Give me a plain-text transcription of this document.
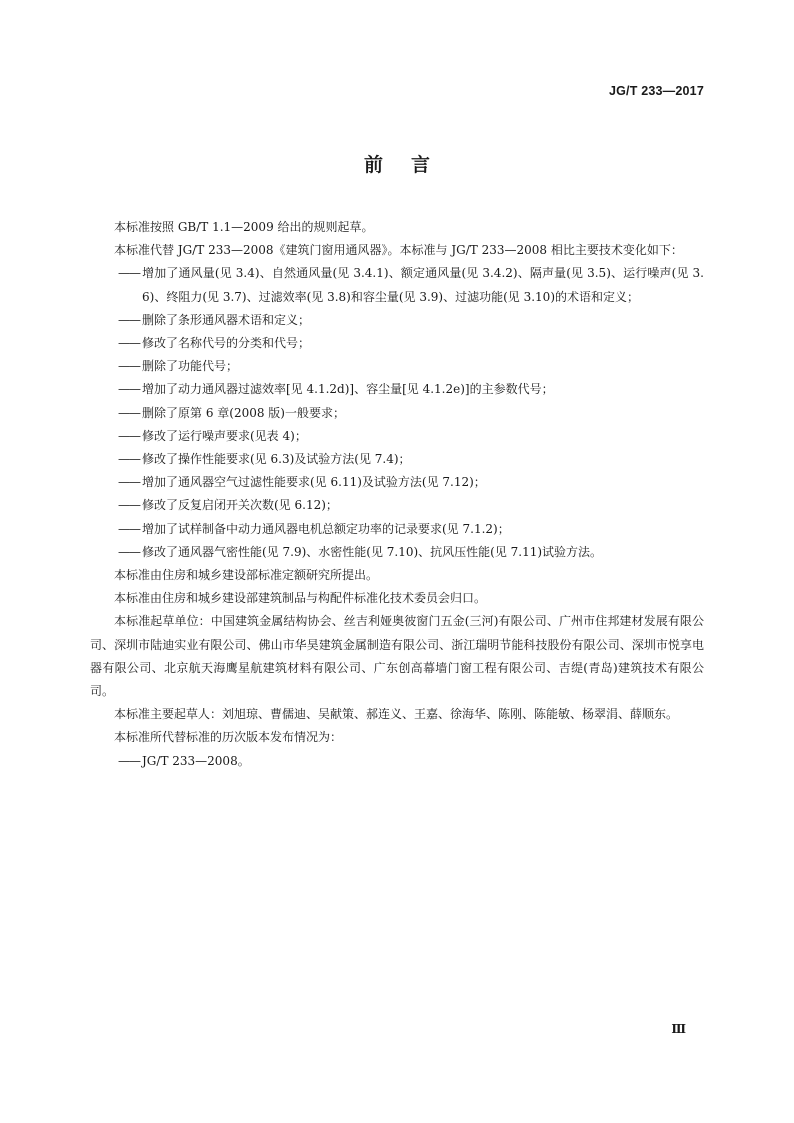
JG/T 233—2017
前言

本标准按照 GB/T 1.1—2009 给出的规则起草。

本标准代替 JG/T 233—2008《建筑门窗用通风器》。本标准与 JG/T 233—2008 相比主要技术变化如下：

—— 增加了通风量(见 3.4)、自然通风量(见 3.4.1)、额定通风量(见 3.4.2)、隔声量(见 3.5)、运行噪声(见 3.6)、终阻力(见 3.7)、过滤效率(见 3.8)和容尘量(见 3.9)、过滤功能(见 3.10)的术语和定义；

—— 删除了条形通风器术语和定义；

—— 修改了名称代号的分类和代号；

—— 删除了功能代号；

—— 增加了动力通风器过滤效率[见 4.1.2d)]、容尘量[见 4.1.2e)]的主参数代号；

—— 删除了原第 6 章(2008 版)一般要求；

—— 修改了运行噪声要求(见表 4)；

—— 修改了操作性能要求(见 6.3)及试验方法(见 7.4)；

—— 增加了通风器空气过滤性能要求(见 6.11)及试验方法(见 7.12)；

—— 修改了反复启闭开关次数(见 6.12)；

—— 增加了试样制备中动力通风器电机总额定功率的记录要求(见 7.1.2)；

—— 修改了通风器气密性能(见 7.9)、水密性能(见 7.10)、抗风压性能(见 7.11)试验方法。

本标准由住房和城乡建设部标准定额研究所提出。

本标准由住房和城乡建设部建筑制品与构配件标准化技术委员会归口。

本标准起草单位：中国建筑金属结构协会、丝吉利娅奥彼窗门五金(三河)有限公司、广州市住邦建材发展有限公司、深圳市陆迪实业有限公司、佛山市华昊建筑金属制造有限公司、浙江瑞明节能科技股份有限公司、深圳市悦享电器有限公司、北京航天海鹰星航建筑材料有限公司、广东创高幕墙门窗工程有限公司、吉缇(青岛)建筑技术有限公司。

本标准主要起草人：刘旭琼、曹儒迪、吴献策、郝连义、王嘉、徐海华、陈刚、陈能敏、杨翠涓、薛顺东。

本标准所代替标准的历次版本发布情况为：

—— JG/T 233—2008。

Ⅲ
